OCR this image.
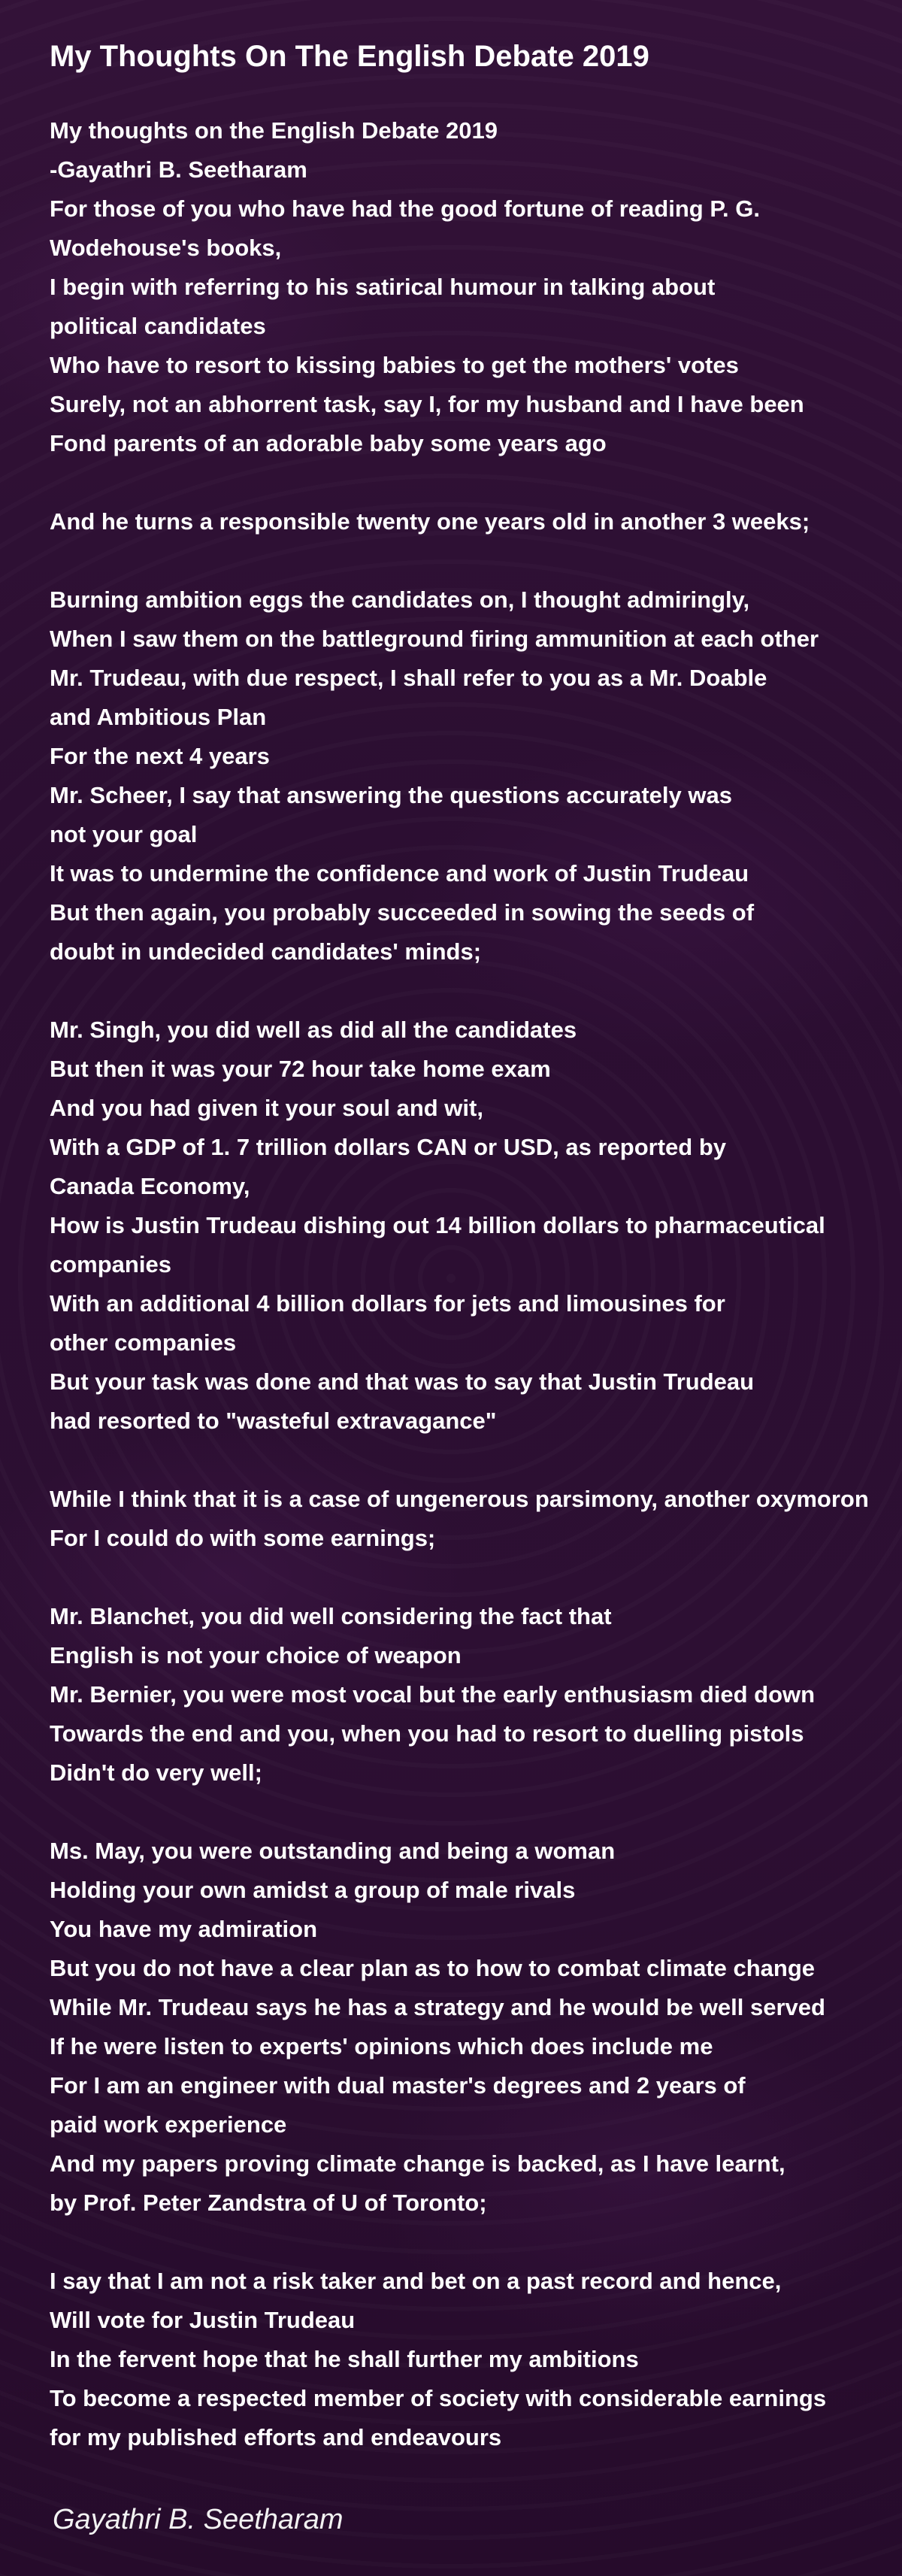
My Thoughts On The English Debate 2019
My thoughts on the English Debate 2019
-Gayathri B. Seetharam
For those of you who have had the good fortune of reading P. G.
Wodehouse's books,
I begin with referring to his satirical humour in talking about
political candidates
Who have to resort to kissing babies to get the mothers' votes
Surely, not an abhorrent task, say I, for my husband and I have been
Fond parents of an adorable baby some years ago
And he turns a responsible twenty one years old in another 3 weeks;
Burning ambition eggs the candidates on, I thought admiringly,
When I saw them on the battleground firing ammunition at each other
Mr. Trudeau, with due respect, I shall refer to you as a Mr. Doable
and Ambitious Plan
For the next 4 years
Mr. Scheer, I say that answering the questions accurately was
not your goal
It was to undermine the confidence and work of Justin Trudeau
But then again, you probably succeeded in sowing the seeds of
doubt in undecided candidates' minds;
Mr. Singh, you did well as did all the candidates
But then it was your 72 hour take home exam
And you had given it your soul and wit,
With a GDP of 1. 7 trillion dollars CAN or USD, as reported by
Canada Economy,
How is Justin Trudeau dishing out 14 billion dollars to pharmaceutical
companies
With an additional 4 billion dollars for jets and limousines for
other companies
But your task was done and that was to say that Justin Trudeau
had resorted to "wasteful extravagance"
While I think that it is a case of ungenerous parsimony, another oxymoron
For I could do with some earnings;
Mr. Blanchet, you did well considering the fact that
English is not your choice of weapon
Mr. Bernier, you were most vocal but the early enthusiasm died down
Towards the end and you, when you had to resort to duelling pistols
Didn't do very well;
Ms. May, you were outstanding and being a woman
Holding your own amidst a group of male rivals
You have my admiration
But you do not have a clear plan as to how to combat climate change
While Mr. Trudeau says he has a strategy and he would be well served
If he were listen to experts' opinions which does include me
For I am an engineer with dual master's degrees and 2 years of
paid work experience
And my papers proving climate change is backed, as I have learnt,
by Prof. Peter Zandstra of U of Toronto;
I say that I am not a risk taker and bet on a past record and hence,
Will vote for Justin Trudeau
In the fervent hope that he shall further my ambitions
To become a respected member of society with considerable earnings
for my published efforts and endeavours
Gayathri B. Seetharam
